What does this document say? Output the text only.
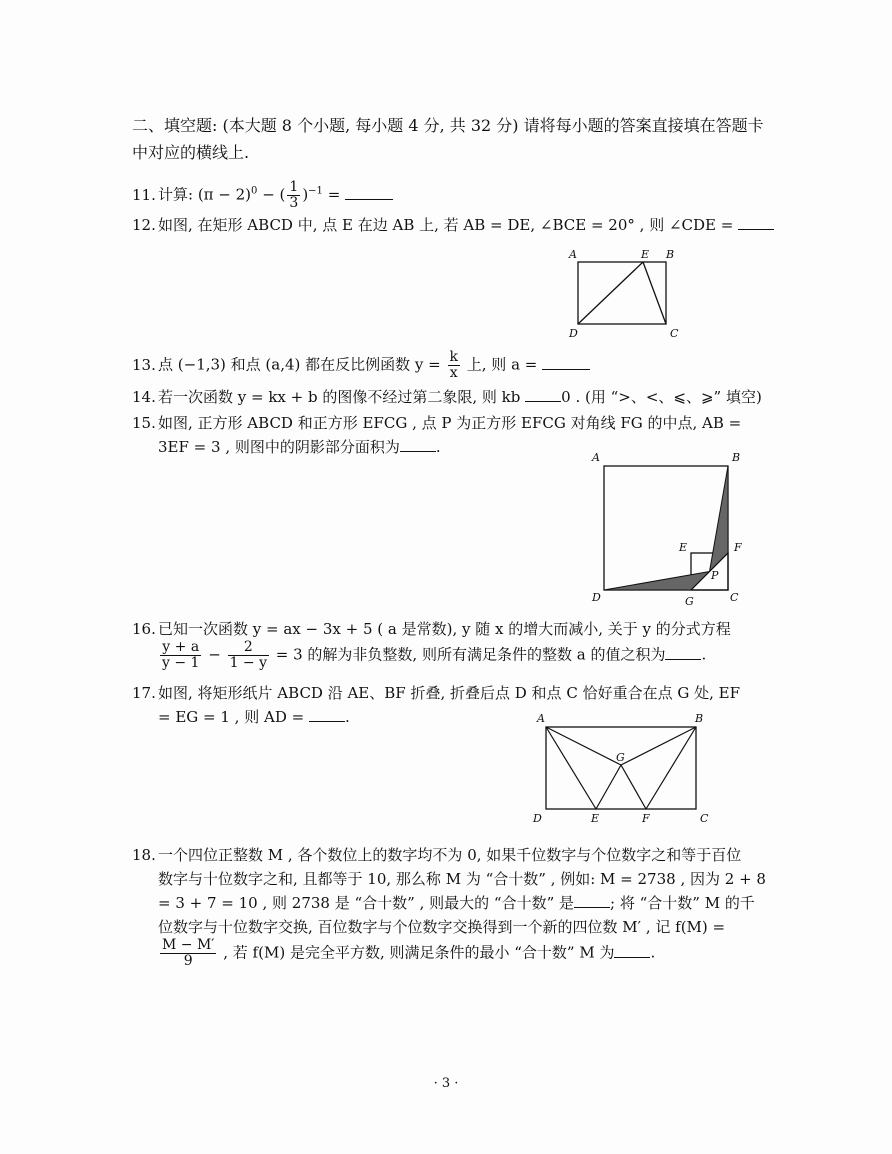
二、填空题: (本大题 8 个小题, 每小题 4 分, 共 32 分) 请将每小题的答案直接填在答题卡中对应的横线上.
11. 计算: $(\pi - 2)^0$ − ( $\frac{1}{3} )^{-1}$ =
12. 如图, 在矩形 ABCD 中, 点 E 在边 AB 上, 若 AB = DE, ∠BCE = 20° , 则 ∠CDE =
A	E B
D	C
13. 点 (−1,3) 和点 (a,4) 都在反比例函数 $y = \frac{k}{x}$ 上, 则 a =
14. 若一次函数 y = kx + b 的图像不经过第二象限, 则 kb 0 . (用 “>、<、⩽、⩾” 填空)
15. 如图, 正方形 ABCD 和正方形 EFCG , 点 P 为正方形 EFCG 对角线 FG 的中点, AB =
3EF = 3 , 则图中的阴影部分面积为 .
A	B
E	F
P
D	G	C
16. 已知一次函数 y = ax − 3x + 5 ( a 是常数), y 随 x 的增大而减小, 关于 y 的分式方程
$\frac{y + a}{y - 1} - \frac{2}{1 - y} = 3$ 的解为非负整数, 则所有满足条件的整数 a 的值之积为 .
17. 如图, 将矩形纸片 ABCD 沿 AE、BF 折叠, 折叠后点 D 和点 C 恰好重合在点 G 处, EF
= EG = 1 , 则 AD = .	A	B
G
D	E	F	C
18. 一个四位正整数 M , 各个数位上的数字均不为 0, 如果千位数字与个位数字之和等于百位
数字与十位数字之和, 且都等于 10, 那么称 M 为 “合十数” , 例如: M = 2738 , 因为 2 + 8
= 3 + 7 = 10 , 则 2738 是 “合十数” , 则最大的 “合十数” 是 ; 将 “合十数” M 的千
位数字与十位数字交换, 百位数字与个位数字交换得到一个新的四位数 M′ , 记 f(M) =
$\frac{M - M'}{9}$ , 若 f(M) 是完全平方数, 则满足条件的最小 “合十数” M 为 .
· 3 ·
